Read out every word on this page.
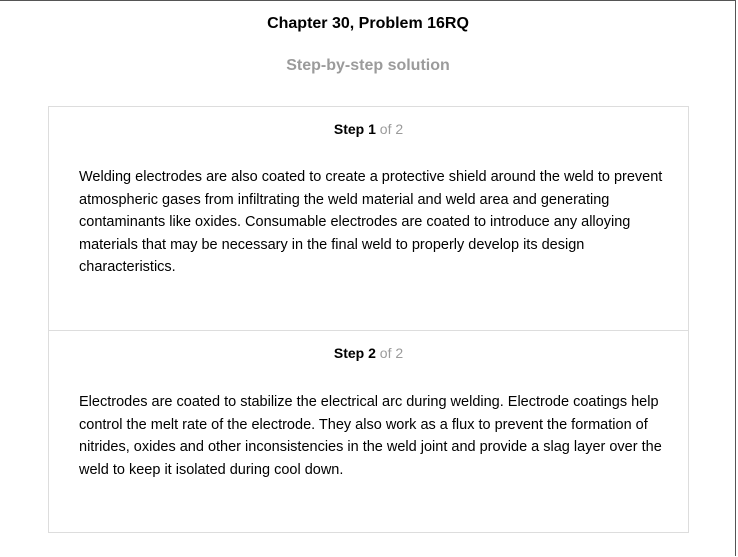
Chapter 30, Problem 16RQ
Step-by-step solution
Step 1 of 2
Welding electrodes are also coated to create a protective shield around the weld to prevent atmospheric gases from infiltrating the weld material and weld area and generating contaminants like oxides. Consumable electrodes are coated to introduce any alloying materials that may be necessary in the final weld to properly develop its design characteristics.
Step 2 of 2
Electrodes are coated to stabilize the electrical arc during welding. Electrode coatings help control the melt rate of the electrode. They also work as a flux to prevent the formation of nitrides, oxides and other inconsistencies in the weld joint and provide a slag layer over the weld to keep it isolated during cool down.
